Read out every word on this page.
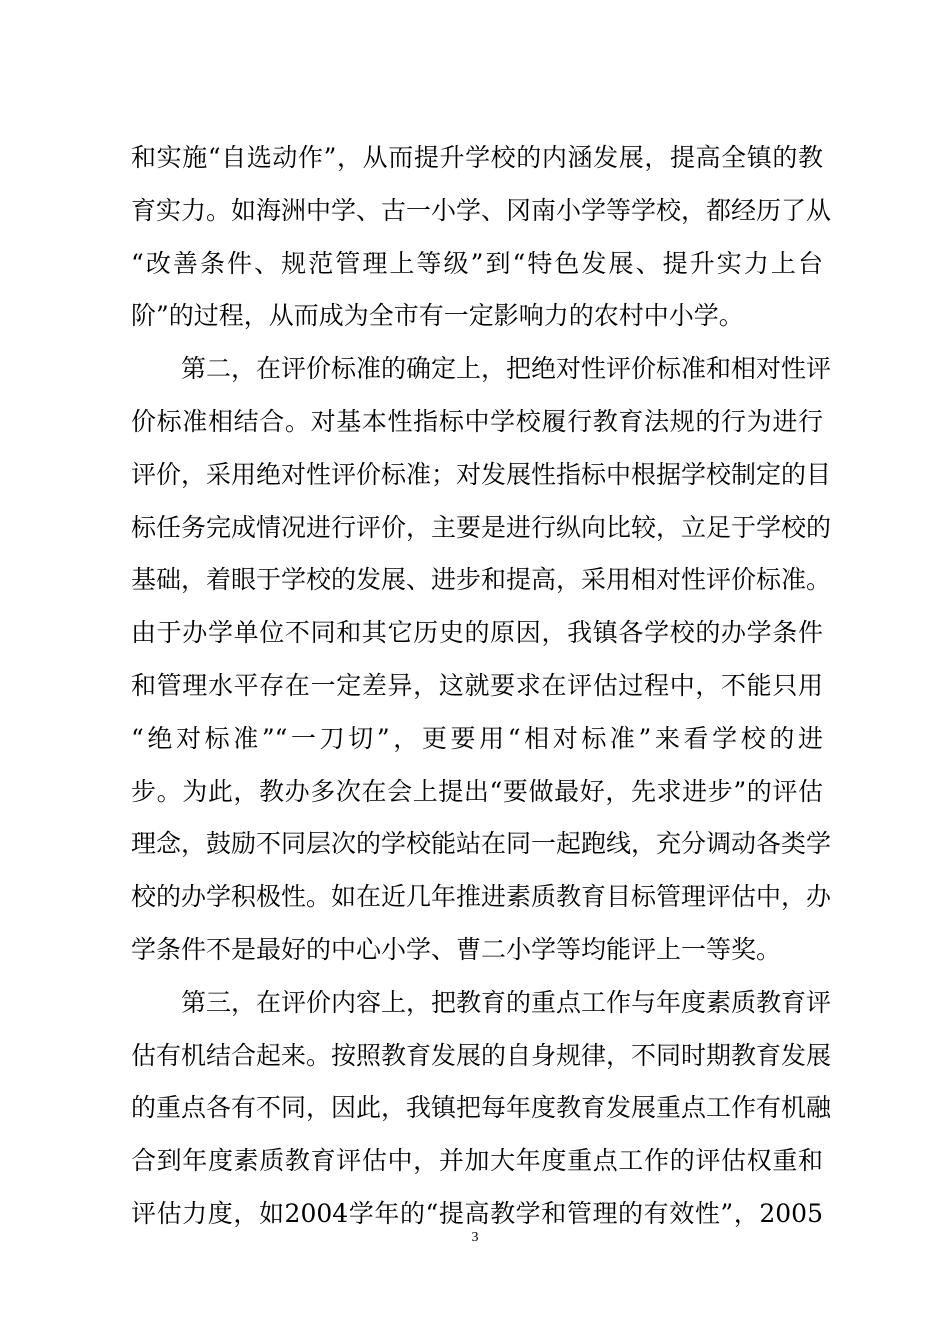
和实施“自选动作”，从而提升学校的内涵发展，提高全镇的教
育实力。如海洲中学、古一小学、冈南小学等学校，都经历了从
“改善条件、规范管理上等级”到“特色发展、提升实力上台
阶”的过程，从而成为全市有一定影响力的农村中小学。
第二，在评价标准的确定上，把绝对性评价标准和相对性评
价标准相结合。对基本性指标中学校履行教育法规的行为进行
评价，采用绝对性评价标准；对发展性指标中根据学校制定的目
标任务完成情况进行评价，主要是进行纵向比较，立足于学校的
基础，着眼于学校的发展、进步和提高，采用相对性评价标准。
由于办学单位不同和其它历史的原因，我镇各学校的办学条件
和管理水平存在一定差异，这就要求在评估过程中，不能只用
“绝对标准”“一刀切”，更要用“相对标准”来看学校的进
步。为此，教办多次在会上提出“要做最好，先求进步”的评估
理念，鼓励不同层次的学校能站在同一起跑线，充分调动各类学
校的办学积极性。如在近几年推进素质教育目标管理评估中，办
学条件不是最好的中心小学、曹二小学等均能评上一等奖。
第三，在评价内容上，把教育的重点工作与年度素质教育评
估有机结合起来。按照教育发展的自身规律，不同时期教育发展
的重点各有不同，因此，我镇把每年度教育发展重点工作有机融
合到年度素质教育评估中，并加大年度重点工作的评估权重和
评估力度，如2004学年的“提高教学和管理的有效性”，2005
3
